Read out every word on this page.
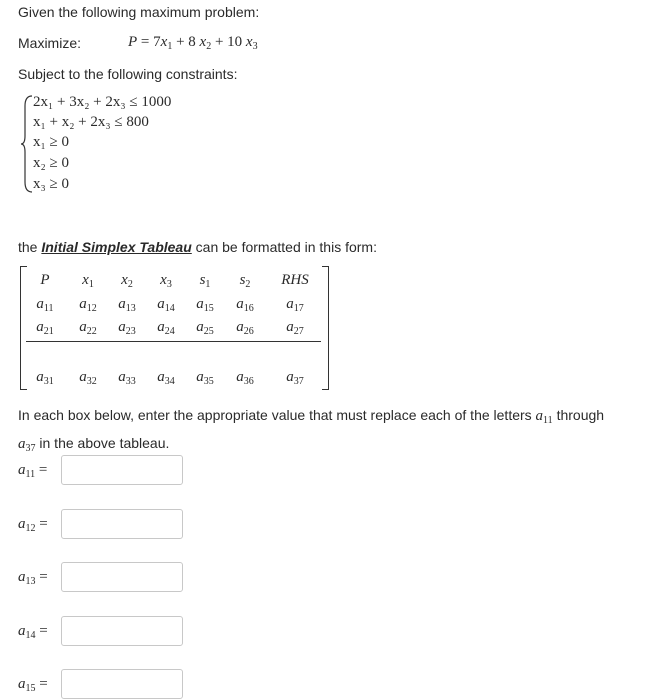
Given the following maximum problem:
Maximize:	$P = 7x_1 + 8$ $x_2 + 10$ $x_3$
Subject to the following constraints:
2x₁ + 3x₂ + 2x₃ ≤ 1000
x₁ + x₂ + 2x₃ ≤ 800
x₁ ≥ 0
x₂ ≥ 0
x₃ ≥ 0
the Initial Simplex Tableau can be formatted in this form:
P	$x_1$	$x_2$	$x_3$	$s_1$	$s_2$	RHS
$a_{11}$	$a_{12}$	$a_{13}$	$a_{14}$	$a_{15}$	$a_{16}$	$a_{17}$
$a_{21}$	$a_{22}$	$a_{23}$	$a_{24}$	$a_{25}$	$a_{26}$	$a_{27}$
$a_{31}$	$a_{32}$	$a_{33}$	$a_{34}$	$a_{35}$	$a_{36}$	$a_{37}$
In each box below, enter the appropriate value that must replace each of the letters $a_{11}$ through
$a_{37}$ in the above tableau.
$a_{11}$ =
$a_{12}$ =
$a_{13}$ =
$a_{14}$ =
$a_{15}$ =
